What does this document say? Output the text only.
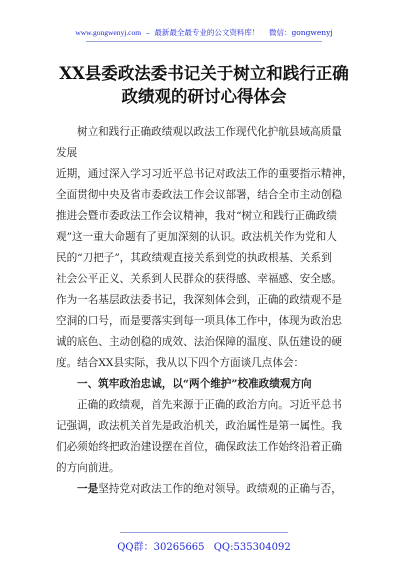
www.gongwenyj.com  –  最新最全最专业的公文资料库！ 微信：gongwenyj
XX县委政法委书记关于树立和践行正确
政绩观的研讨心得体会
树立和践行正确政绩观以政法工作现代化护航县域高质量
发展
近期，通过深入学习习近平总书记对政法工作的重要指示精神，
全面贯彻中央及省市委政法工作会议部署，结合全市主动创稳
推进会暨市委政法工作会议精神，我对“树立和践行正确政绩
观”这一重大命题有了更加深刻的认识。政法机关作为党和人
民的“刀把子”，其政绩观直接关系到党的执政根基、关系到
社会公平正义、关系到人民群众的获得感、幸福感、安全感。
作为一名基层政法委书记，我深刻体会到，正确的政绩观不是
空洞的口号，而是要落实到每一项具体工作中，体现为政治忠
诚的底色、主动创稳的成效、法治保障的温度、队伍建设的硬
度。结合XX县实际，我从以下四个方面谈几点体会：
一、筑牢政治忠诚，以“两个维护”校准政绩观方向
正确的政绩观，首先来源于正确的政治方向。习近平总书
记强调，政法机关首先是政治机关，政治属性是第一属性。我
们必须始终把政治建设摆在首位，确保政法工作始终沿着正确
的方向前进。
一是坚持党对政法工作的绝对领导。政绩观的正确与否，
QQ群：30265665 QQ:535304092
